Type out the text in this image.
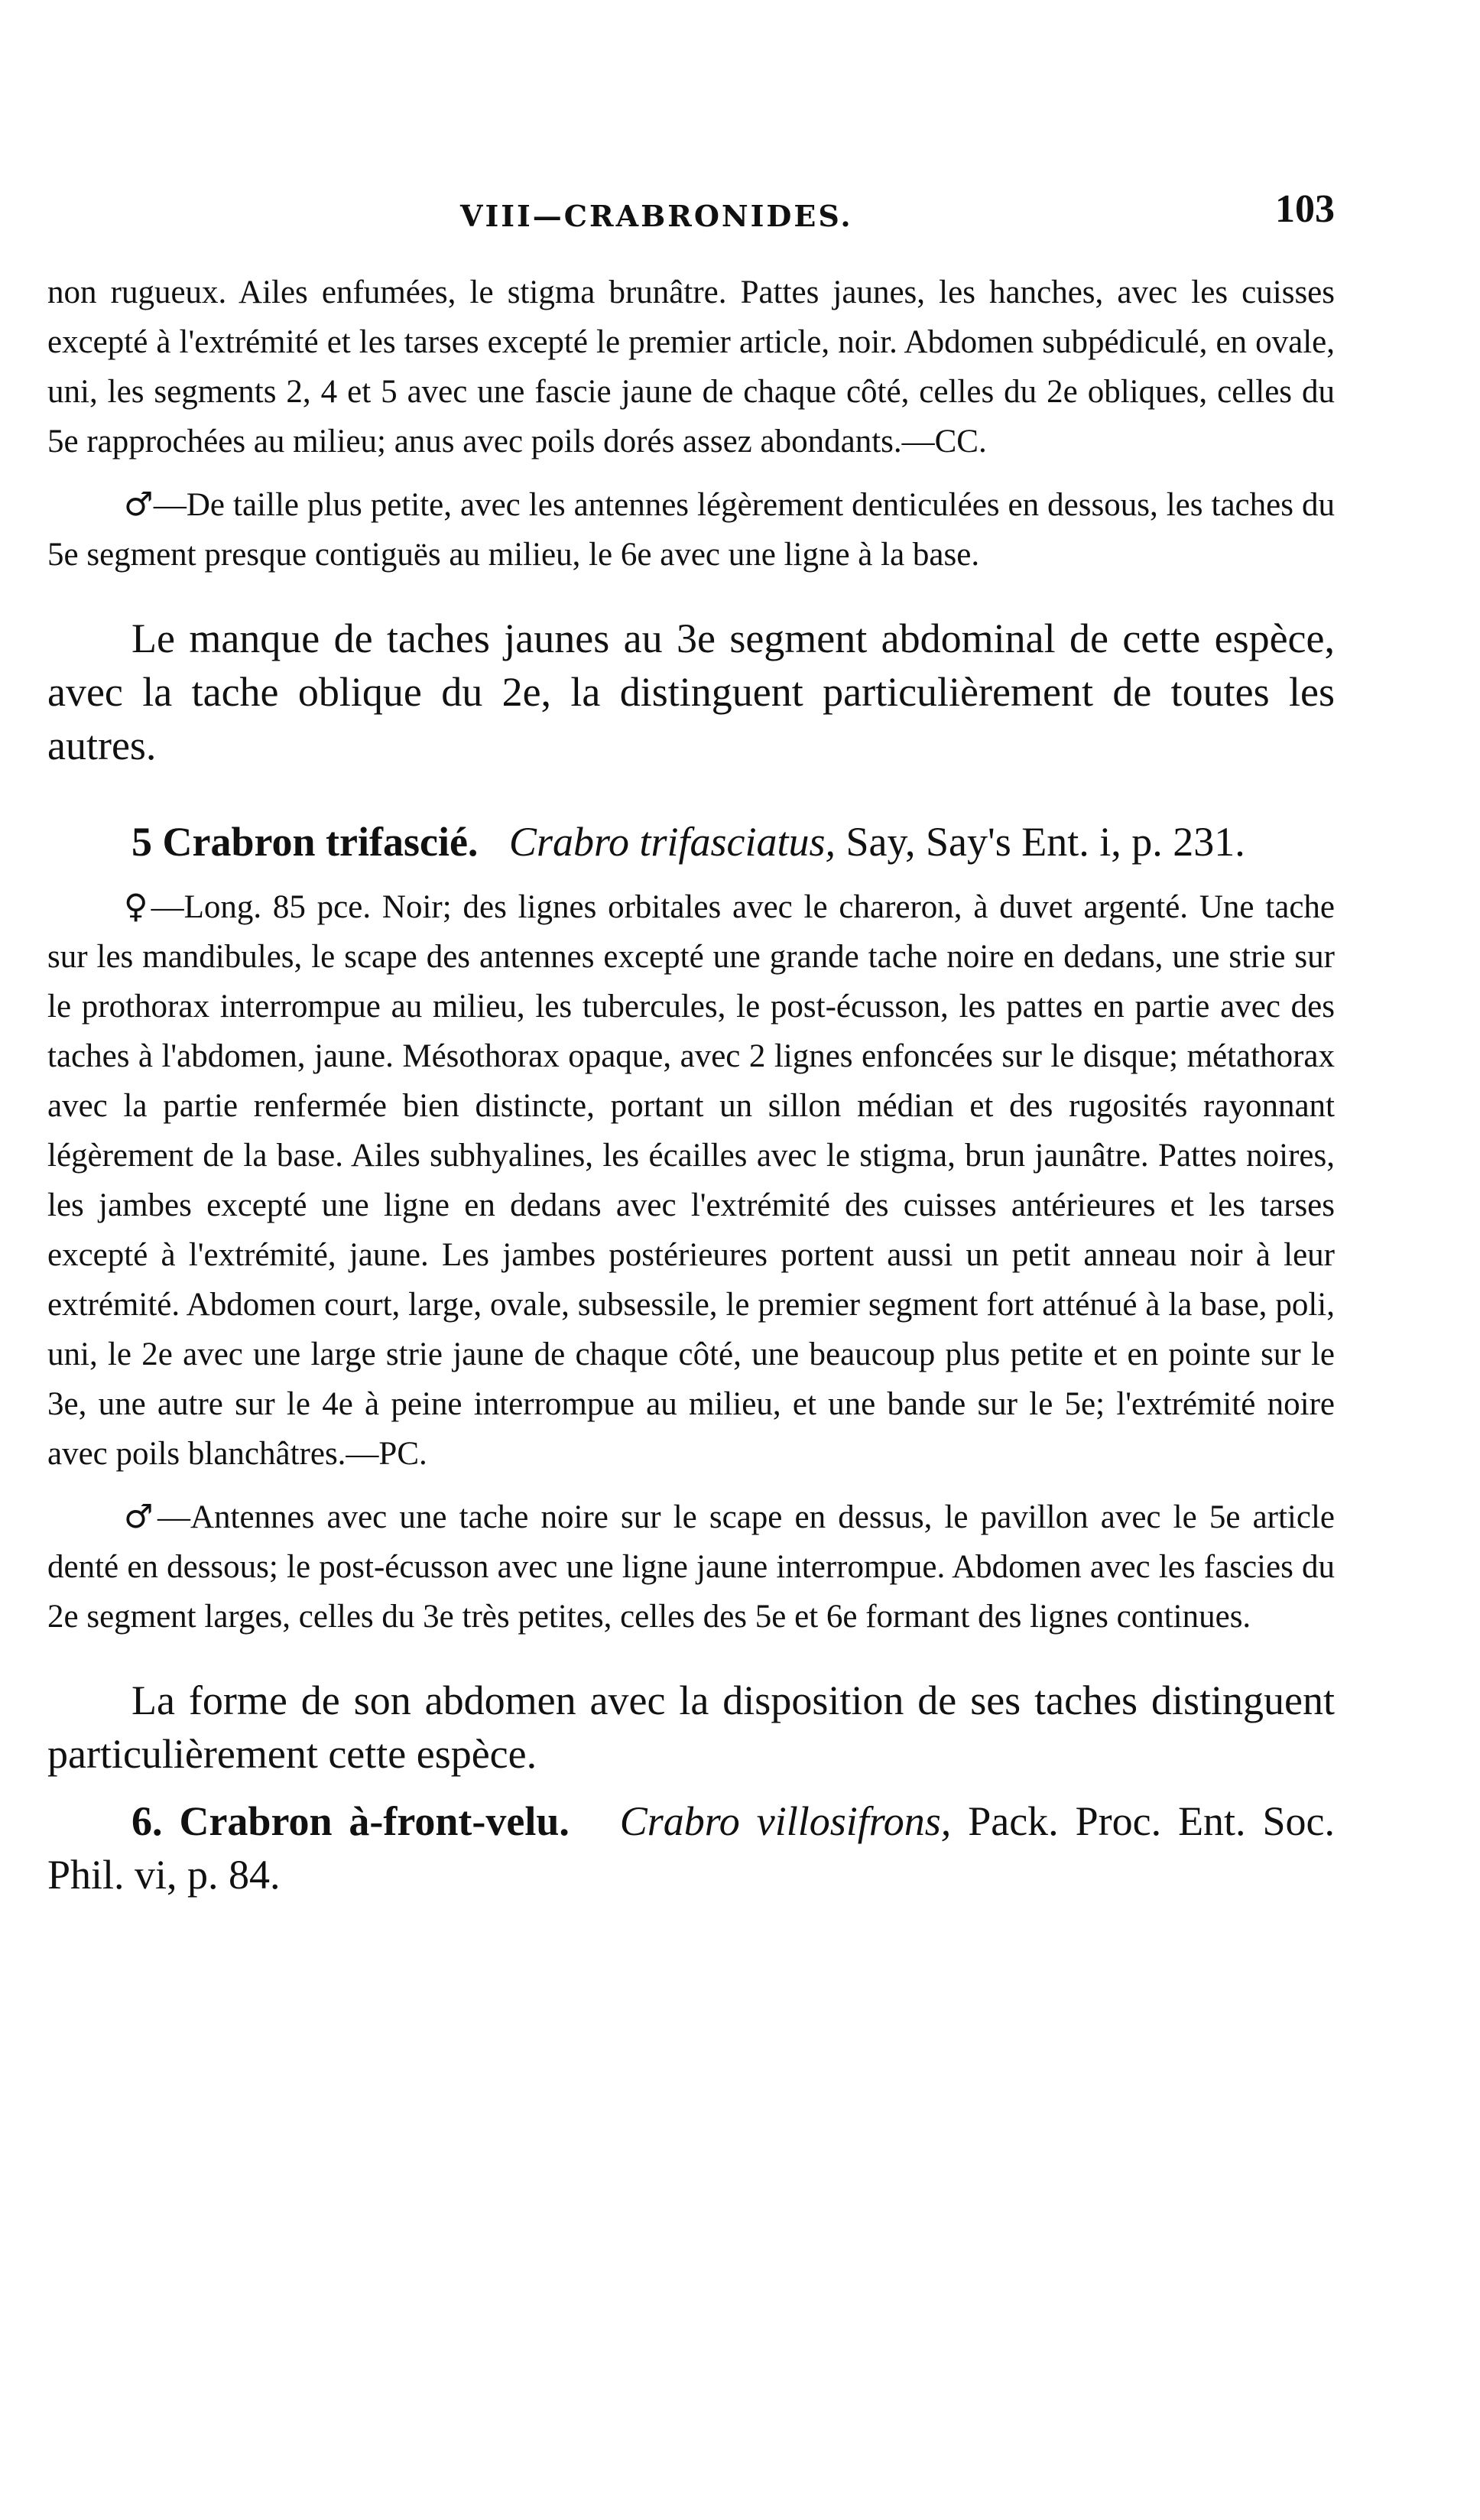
VIII—CRABRONIDES.	103

non rugueux. Ailes enfumées, le stigma brunâtre. Pattes jaunes, les hanches, avec les cuisses excepté à l'extrémité et les tarses excepté le premier article, noir. Abdomen subpédiculé, en ovale, uni, les segments 2, 4 et 5 avec une fascie jaune de chaque côté, celles du 2e obliques, celles du 5e rapprochées au milieu; anus avec poils dorés assez abondants.—CC.

♂—De taille plus petite, avec les antennes légèrement denticulées en dessous, les taches du 5e segment presque contiguës au milieu, le 6e avec une ligne à la base.

Le manque de taches jaunes au 3e segment abdominal de cette espèce, avec la tache oblique du 2e, la distinguent particulièrement de toutes les autres.

5 Crabron trifascié. Crabro trifasciatus, Say, Say's Ent. i, p. 231.

♀—Long. 85 pce. Noir; des lignes orbitales avec le chareron, à duvet argenté. Une tache sur les mandibules, le scape des antennes excepté une grande tache noire en dedans, une strie sur le prothorax interrompue au milieu, les tubercules, le post-écusson, les pattes en partie avec des taches à l'abdomen, jaune. Mésothorax opaque, avec 2 lignes enfoncées sur le disque; métathorax avec la partie renfermée bien distincte, portant un sillon médian et des rugosités rayonnant légèrement de la base. Ailes subhyalines, les écailles avec le stigma, brun jaunâtre. Pattes noires, les jambes excepté une ligne en dedans avec l'extrémité des cuisses antérieures et les tarses excepté à l'extrémité, jaune. Les jambes postérieures portent aussi un petit anneau noir à leur extrémité. Abdomen court, large, ovale, subsessile, le premier segment fort atténué à la base, poli, uni, le 2e avec une large strie jaune de chaque côté, une beaucoup plus petite et en pointe sur le 3e, une autre sur le 4e à peine interrompue au milieu, et une bande sur le 5e; l'extrémité noire avec poils blanchâtres.—PC.

♂—Antennes avec une tache noire sur le scape en dessus, le pavillon avec le 5e article denté en dessous; le post-écusson avec une ligne jaune interrompue. Abdomen avec les fascies du 2e segment larges, celles du 3e très petites, celles des 5e et 6e formant des lignes continues.

La forme de son abdomen avec la disposition de ses taches distinguent particulièrement cette espèce.

6. Crabron à-front-velu. Crabro villosifrons, Pack. Proc. Ent. Soc. Phil. vi, p. 84.
